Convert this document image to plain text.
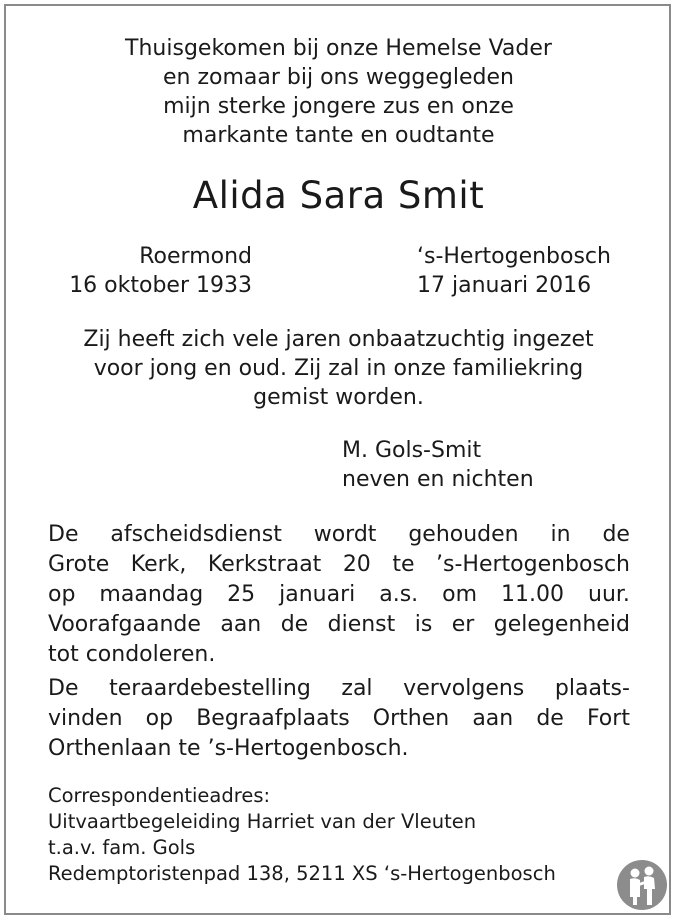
Thuisgekomen bij onze Hemelse Vader
en zomaar bij ons weggegleden
mijn sterke jongere zus en onze
markante tante en oudtante
Alida Sara Smit
Roermond
16 oktober 1933
‘s-Hertogenbosch
17 januari 2016
Zij heeft zich vele jaren onbaatzuchtig ingezet
voor jong en oud. Zij zal in onze familiekring
gemist worden.
M. Gols-Smit
neven en nichten
De afscheidsdienst wordt gehouden in de
Grote Kerk, Kerkstraat 20 te ’s-Hertogenbosch
op maandag 25 januari a.s. om 11.00 uur.
Voorafgaande aan de dienst is er gelegenheid
tot condoleren.
De teraardebestelling zal vervolgens plaats-
vinden op Begraafplaats Orthen aan de Fort
Orthenlaan te ’s-Hertogenbosch.
Correspondentieadres:
Uitvaartbegeleiding Harriet van der Vleuten
t.a.v. fam. Gols
Redemptoristenpad 138, 5211 XS ‘s-Hertogenbosch
